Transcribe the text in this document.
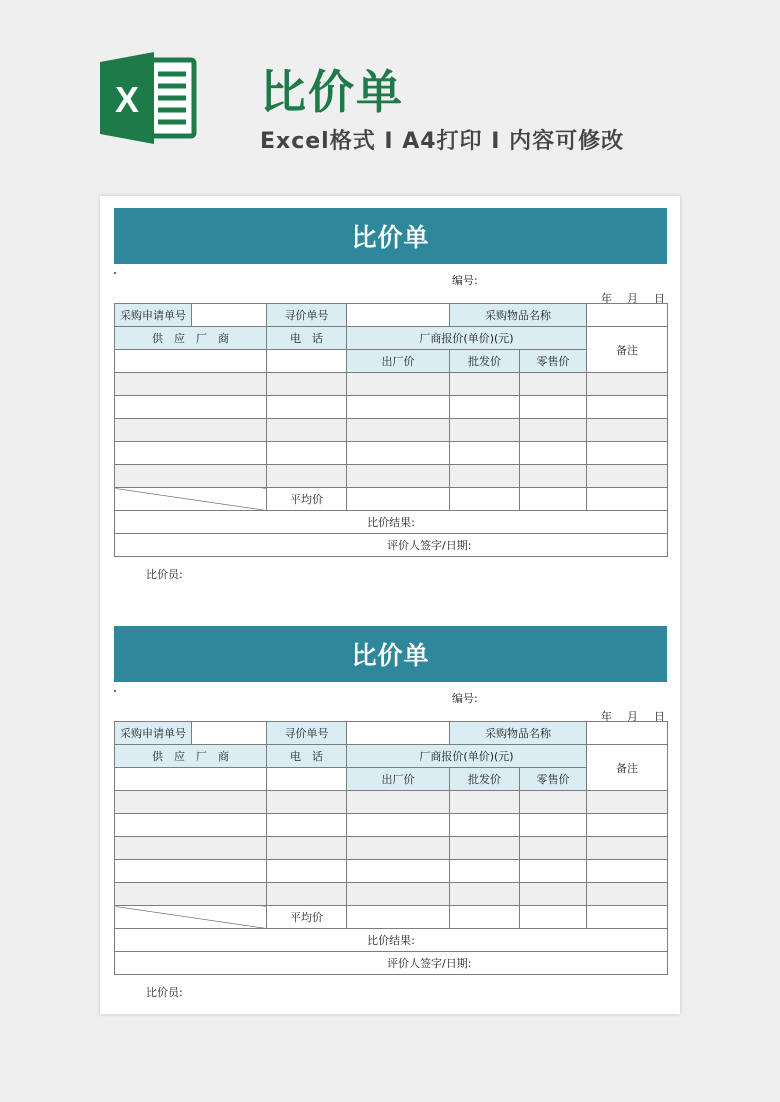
X	比价单
Excel格式 I A4打印 I 内容可修改
比价单
编号:
年 月 日
采购申请单号		寻价单号		采购物品名称		
供　应　厂　商		电　话	厂商报价(单价)(元)			备注
			出厂价	批发价	零售价	

		平均价				
比价结果:						
		评价人签字/日期:				
比价员:
比价单
编号:
年 月 日
采购申请单号		寻价单号		采购物品名称		
供　应　厂　商		电　话	厂商报价(单价)(元)			备注
			出厂价	批发价	零售价	

		平均价				
比价结果:						
		评价人签字/日期:				
比价员:
